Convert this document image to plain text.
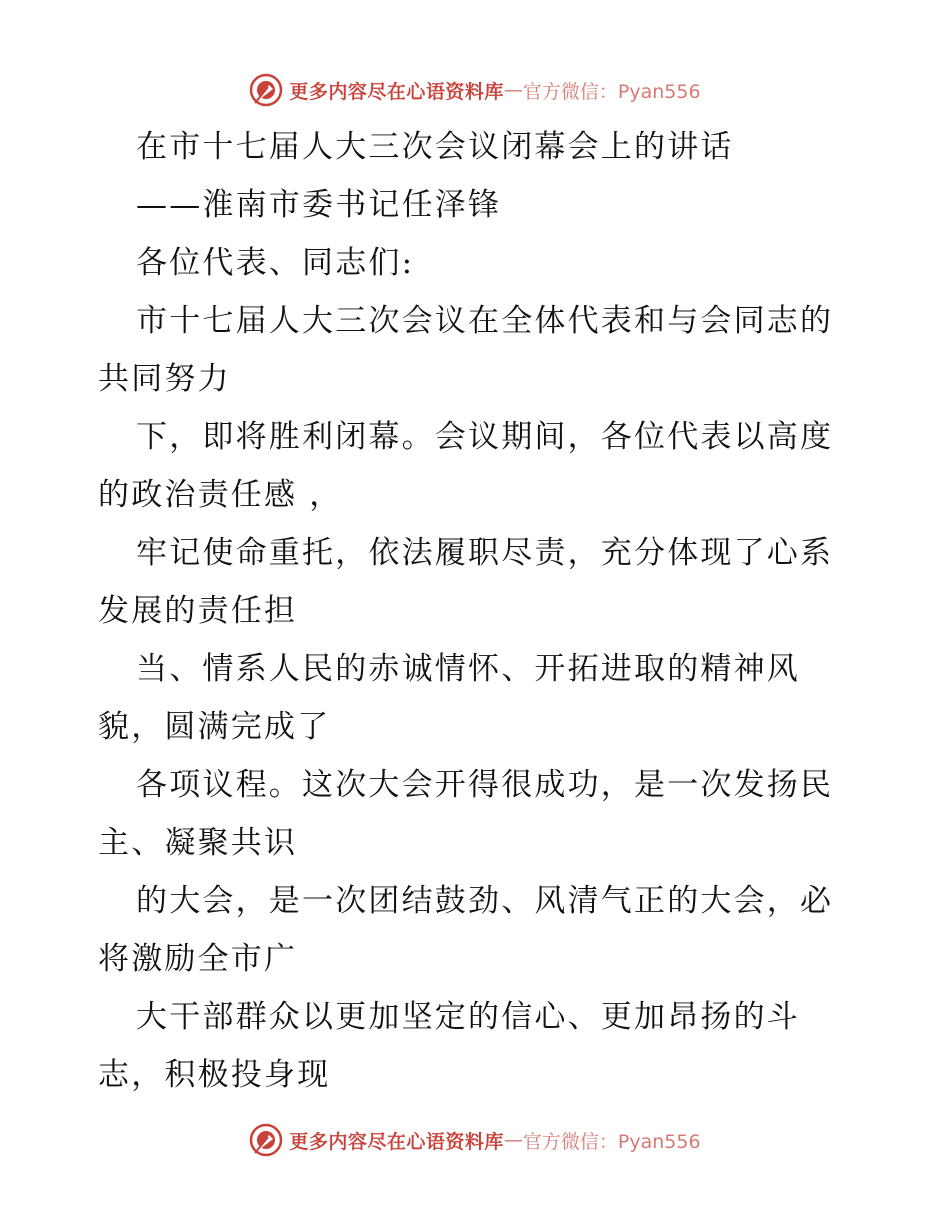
更多内容尽在心语资料库 — 官方微信：Pyan556
在市十七届人大三次会议闭幕会上的讲话
——淮南市委书记任泽锋
各位代表、同志们:
市十七届人大三次会议在全体代表和与会同志的
共同努力
下，即将胜利闭幕。会议期间，各位代表以高度
的政治责任感 ，
牢记使命重托，依法履职尽责，充分体现了心系
发展的责任担
当、情系人民的赤诚情怀、开拓进取的精神风
貌，圆满完成了
各项议程。这次大会开得很成功，是一次发扬民
主、凝聚共识
的大会，是一次团结鼓劲、风清气正的大会，必
将激励全市广
大干部群众以更加坚定的信心、更加昂扬的斗
志，积极投身现
更多内容尽在心语资料库 — 官方微信：Pyan556
